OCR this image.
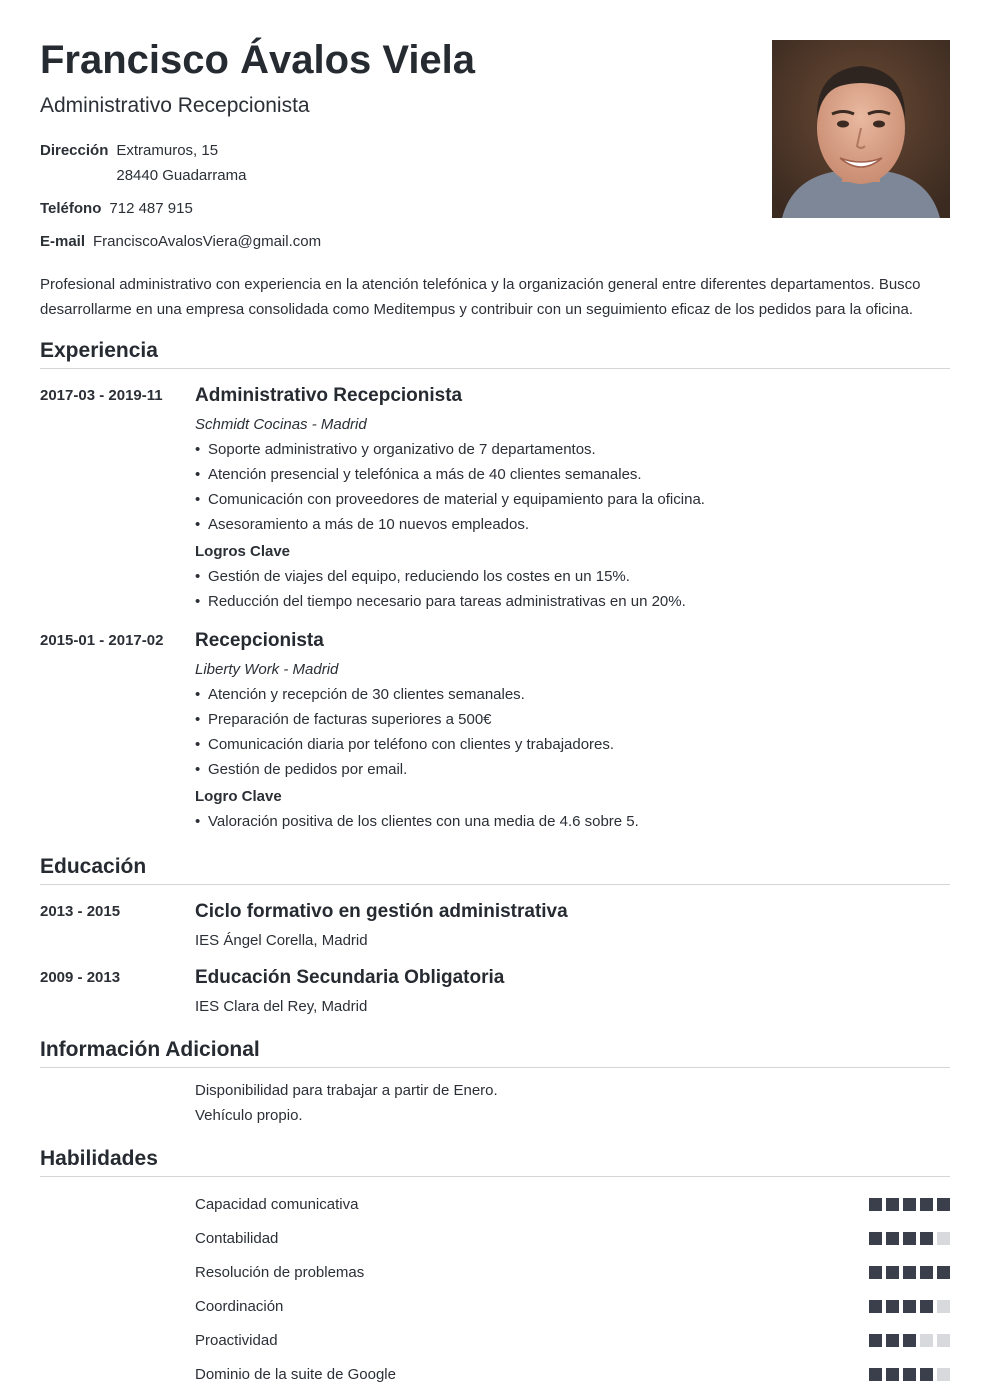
Francisco Ávalos Viela
Administrativo Recepcionista
Dirección Extramuros, 15
28440 Guadarrama
Teléfono 712 487 915
E-mail FranciscoAvalosViera@gmail.com
Profesional administrativo con experiencia en la atención telefónica y la organización general entre diferentes departamentos. Busco desarrollarme en una empresa consolidada como Meditempus y contribuir con un seguimiento eficaz de los pedidos para la oficina.
Experiencia
2017-03 - 2019-11	Administrativo Recepcionista
Schmidt Cocinas - Madrid
• Soporte administrativo y organizativo de 7 departamentos.
• Atención presencial y telefónica a más de 40 clientes semanales.
• Comunicación con proveedores de material y equipamiento para la oficina.
• Asesoramiento a más de 10 nuevos empleados.
Logros Clave
• Gestión de viajes del equipo, reduciendo los costes en un 15%.
• Reducción del tiempo necesario para tareas administrativas en un 20%.
2015-01 - 2017-02	Recepcionista
Liberty Work - Madrid
• Atención y recepción de 30 clientes semanales.
• Preparación de facturas superiores a 500€
• Comunicación diaria por teléfono con clientes y trabajadores.
• Gestión de pedidos por email.
Logro Clave
• Valoración positiva de los clientes con una media de 4.6 sobre 5.
Educación
2013 - 2015	Ciclo formativo en gestión administrativa
IES Ángel Corella, Madrid
2009 - 2013	Educación Secundaria Obligatoria
IES Clara del Rey, Madrid
Información Adicional
Disponibilidad para trabajar a partir de Enero.
Vehículo propio.
Habilidades
Capacidad comunicativa
Contabilidad
Resolución de problemas
Coordinación
Proactividad
Dominio de la suite de Google
